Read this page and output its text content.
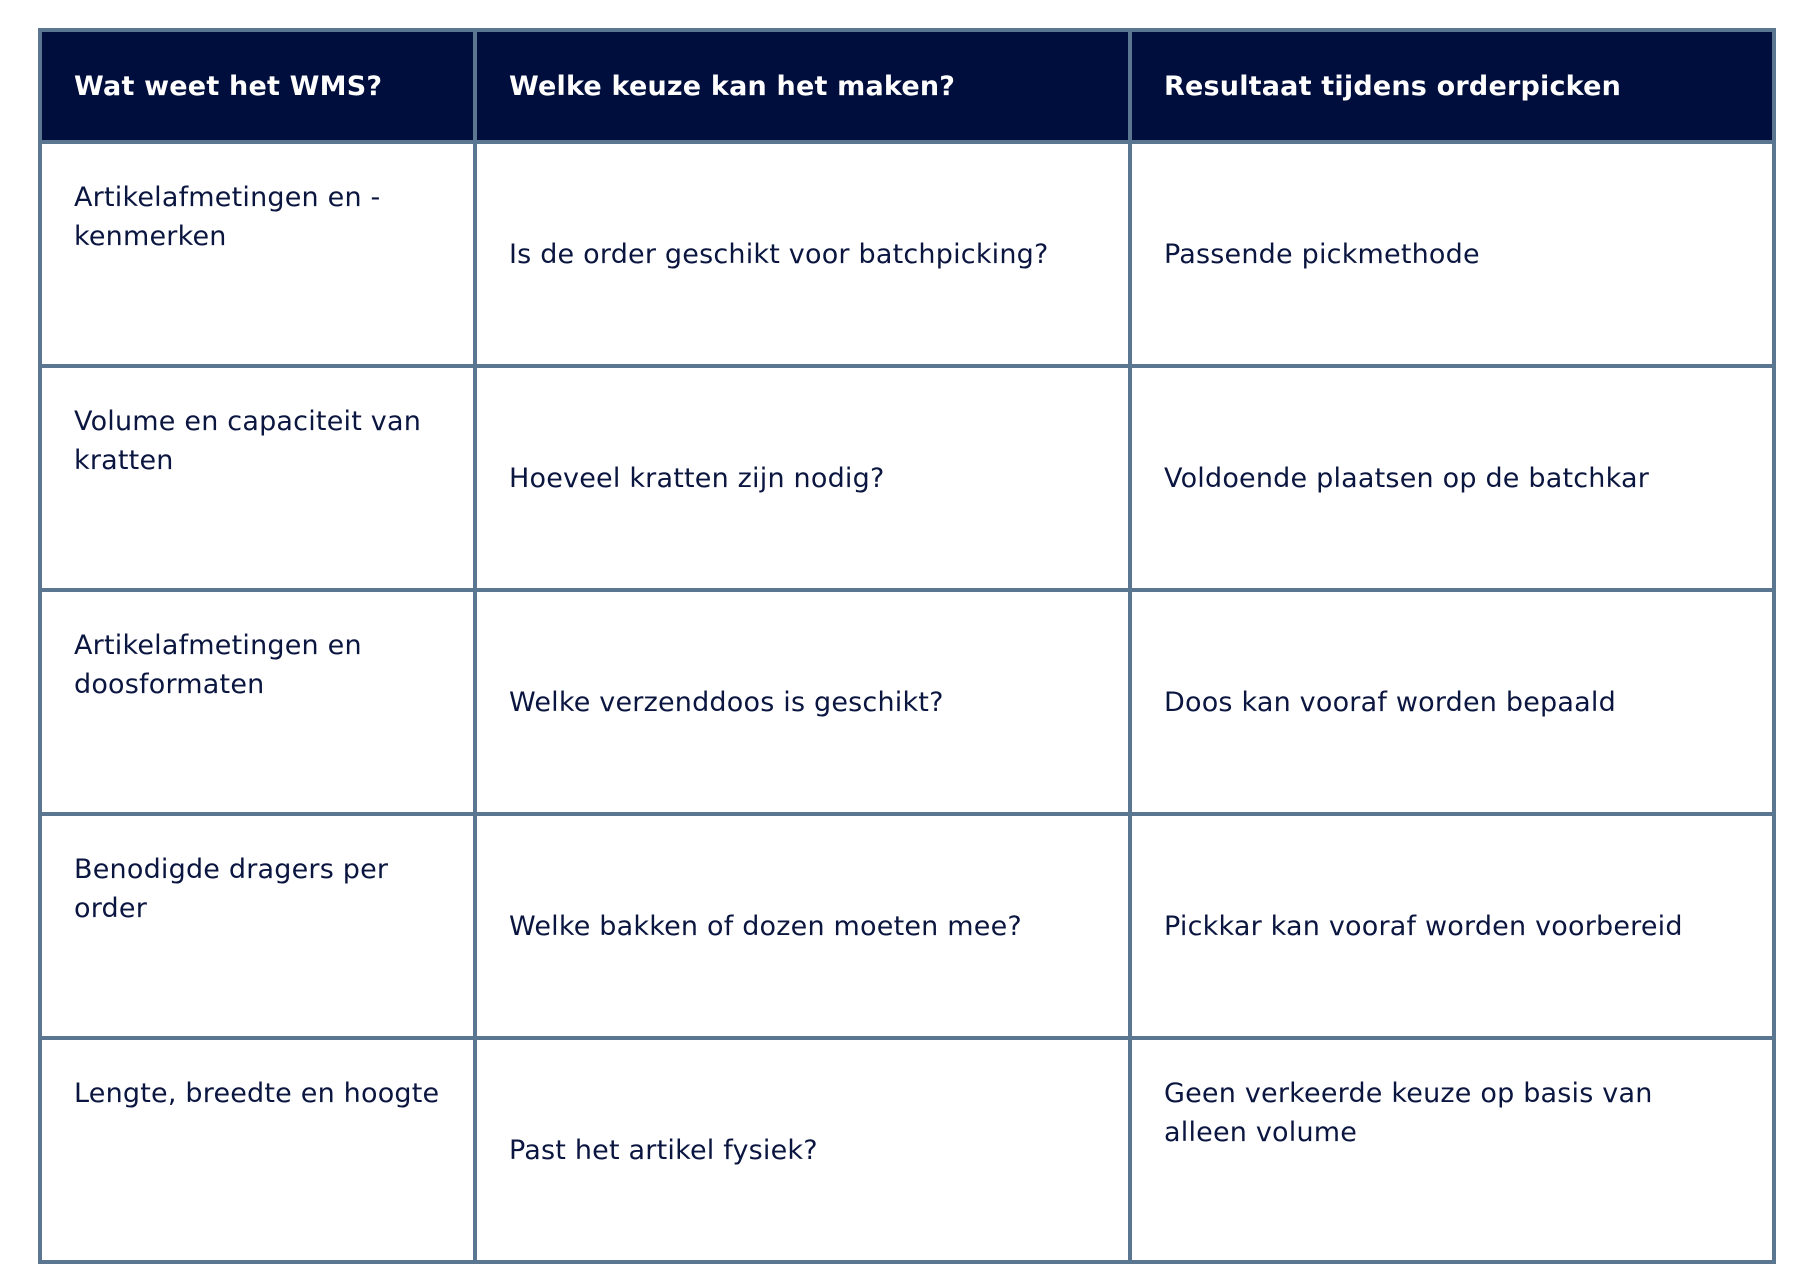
Wat weet het WMS?	Welke keuze kan het maken?	Resultaat tijdens orderpicken
Artikelafmetingen en -kenmerken	Is de order geschikt voor batchpicking?	Passende pickmethode
Volume en capaciteit van kratten	Hoeveel kratten zijn nodig?	Voldoende plaatsen op de batchkar
Artikelafmetingen en doosformaten	Welke verzenddoos is geschikt?	Doos kan vooraf worden bepaald
Benodigde dragers per order	Welke bakken of dozen moeten mee?	Pickkar kan vooraf worden voorbereid
Lengte, breedte en hoogte	Past het artikel fysiek?	Geen verkeerde keuze op basis van alleen volume
